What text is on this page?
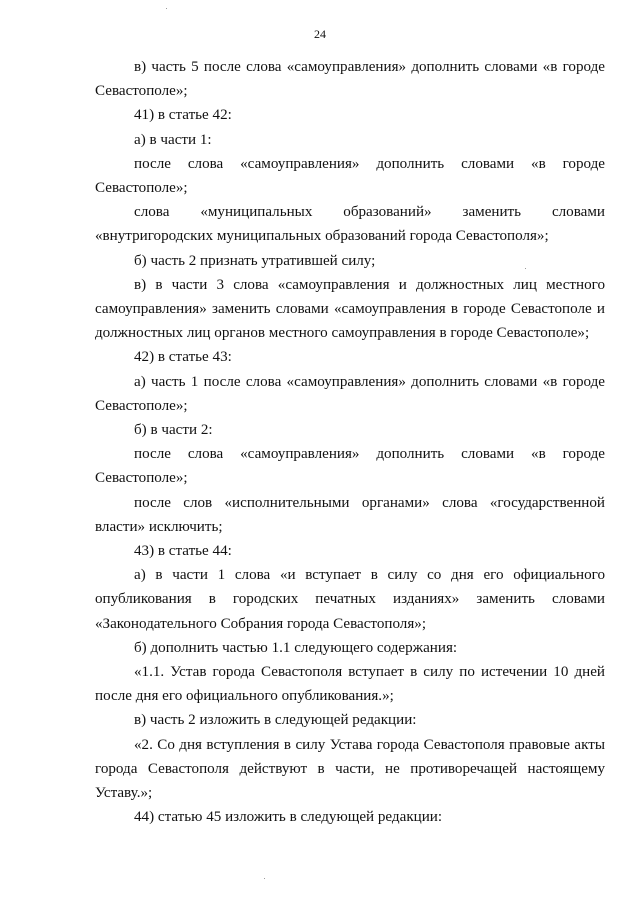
24

в) часть 5 после слова «самоуправления» дополнить словами «в городе Севастополе»;

41) в статье 42:

а) в части 1:

после слова «самоуправления» дополнить словами «в городе Севастополе»;

слова «муниципальных образований» заменить словами «внутригородских муниципальных образований города Севастополя»;

б) часть 2 признать утратившей силу;

в) в части 3 слова «самоуправления и должностных лиц местного самоуправления» заменить словами «самоуправления в городе Севастополе и должностных лиц органов местного самоуправления в городе Севастополе»;

42) в статье 43:

а) часть 1 после слова «самоуправления» дополнить словами «в городе Севастополе»;

б) в части 2:

после слова «самоуправления» дополнить словами «в городе Севастополе»;

после слов «исполнительными органами» слова «государственной власти» исключить;

43) в статье 44:

а) в части 1 слова «и вступает в силу со дня его официального опубликования в городских печатных изданиях» заменить словами «Законодательного Собрания города Севастополя»;

б) дополнить частью 1.1 следующего содержания:

«1.1. Устав города Севастополя вступает в силу по истечении 10 дней после дня его официального опубликования.»;

в) часть 2 изложить в следующей редакции:

«2. Со дня вступления в силу Устава города Севастополя правовые акты города Севастополя действуют в части, не противоречащей настоящему Уставу.»;

44) статью 45 изложить в следующей редакции:
